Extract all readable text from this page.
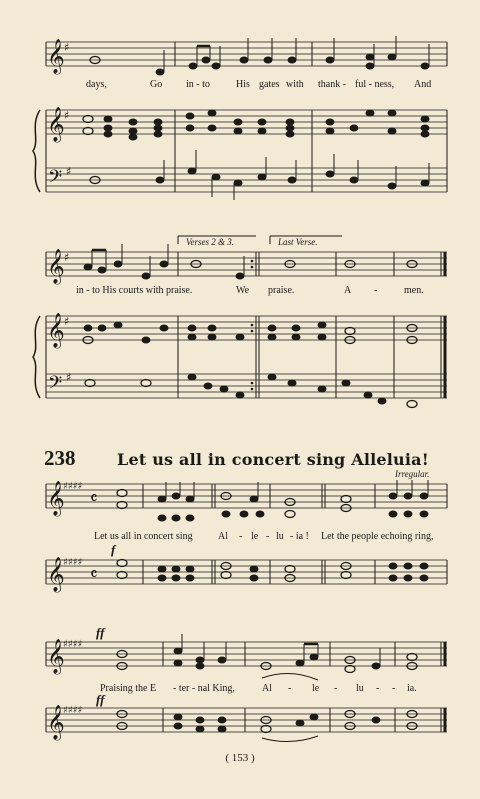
𝄞
𝄞
𝄢
♯
♯
♯
days,	Go in - to	His gates with thank - ful - ness, And
𝄞
𝄞
𝄢
♯
♯
♯
Verses 2 & 3.	Last Verse.
in - to His courts with praise.	We praise.	A -	men.
238	Let us all in concert sing Alleluia!
Irregular.
𝄞
𝄞
♯♯♯♯
♯♯♯♯
𝄴
𝄴
f
Let us all in concert sing	Al - le - lu - ia ! Let the people echoing ring,
𝄞
𝄞
♯♯♯♯
♯♯♯♯
ff
ff
Praising the E - ter - nal King,	Al - le - lu - - ia.
( 153 )
